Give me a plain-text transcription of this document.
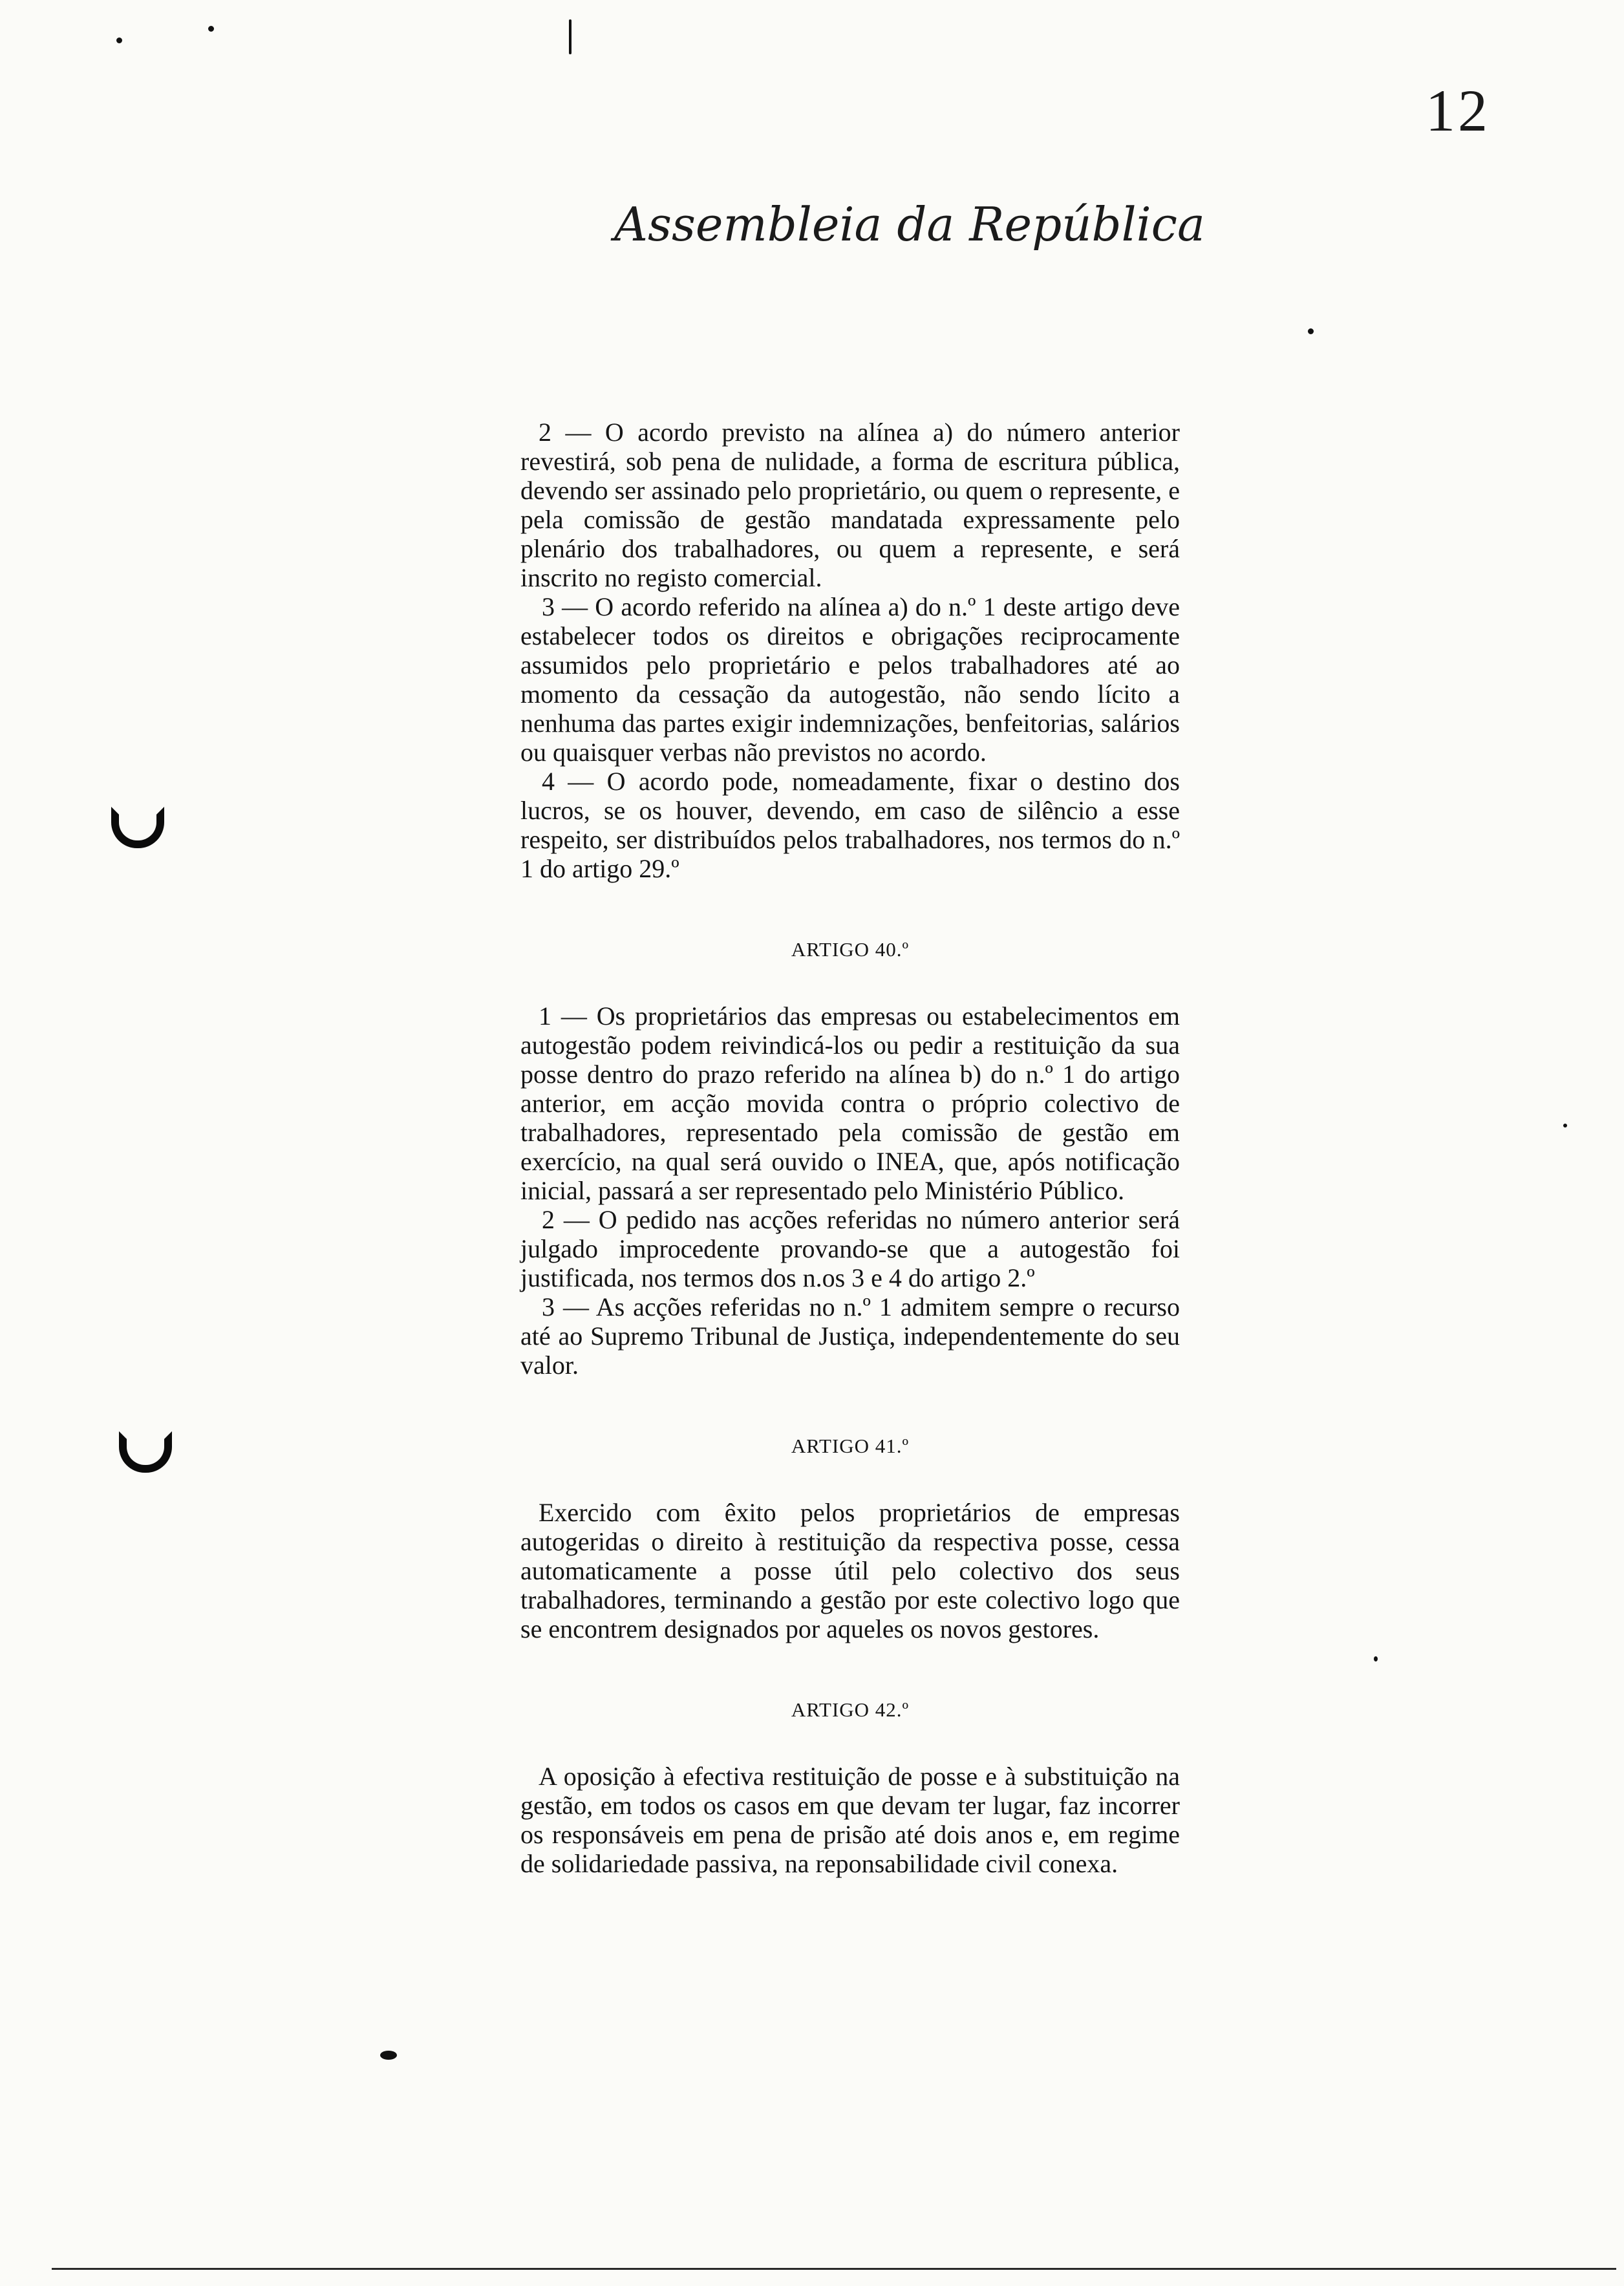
12
Assembleia da República

2 — O acordo previsto na alínea a) do número anterior revestirá, sob pena de nulidade, a forma de escritura pública, devendo ser assinado pelo proprietário, ou quem o represente, e pela comissão de gestão mandatada expressamente pelo plenário dos trabalhadores, ou quem a represente, e será inscrito no registo comercial.

3 — O acordo referido na alínea a) do n.º 1 deste artigo deve estabelecer todos os direitos e obrigações reciprocamente assumidos pelo proprietário e pelos trabalhadores até ao momento da cessação da autogestão, não sendo lícito a nenhuma das partes exigir indemnizações, benfeitorias, salários ou quaisquer verbas não previstos no acordo.

4 — O acordo pode, nomeadamente, fixar o destino dos lucros, se os houver, devendo, em caso de silêncio a esse respeito, ser distribuídos pelos trabalhadores, nos termos do n.º 1 do artigo 29.º

ARTIGO 40.º

1 — Os proprietários das empresas ou estabelecimentos em autogestão podem reivindicá-los ou pedir a restituição da sua posse dentro do prazo referido na alínea b) do n.º 1 do artigo anterior, em acção movida contra o próprio colectivo de trabalhadores, representado pela comissão de gestão em exercício, na qual será ouvido o INEA, que, após notificação inicial, passará a ser representado pelo Ministério Público.

2 — O pedido nas acções referidas no número anterior será julgado improcedente provando-se que a autogestão foi justificada, nos termos dos n.os 3 e 4 do artigo 2.º

3 — As acções referidas no n.º 1 admitem sempre o recurso até ao Supremo Tribunal de Justiça, independentemente do seu valor.

ARTIGO 41.º

Exercido com êxito pelos proprietários de empresas autogeridas o direito à restituição da respectiva posse, cessa automaticamente a posse útil pelo colectivo dos seus trabalhadores, terminando a gestão por este colectivo logo que se encontrem designados por aqueles os novos gestores.

ARTIGO 42.º

A oposição à efectiva restituição de posse e à substituição na gestão, em todos os casos em que devam ter lugar, faz incorrer os responsáveis em pena de prisão até dois anos e, em regime de solidariedade passiva, na reponsabilidade civil conexa.
